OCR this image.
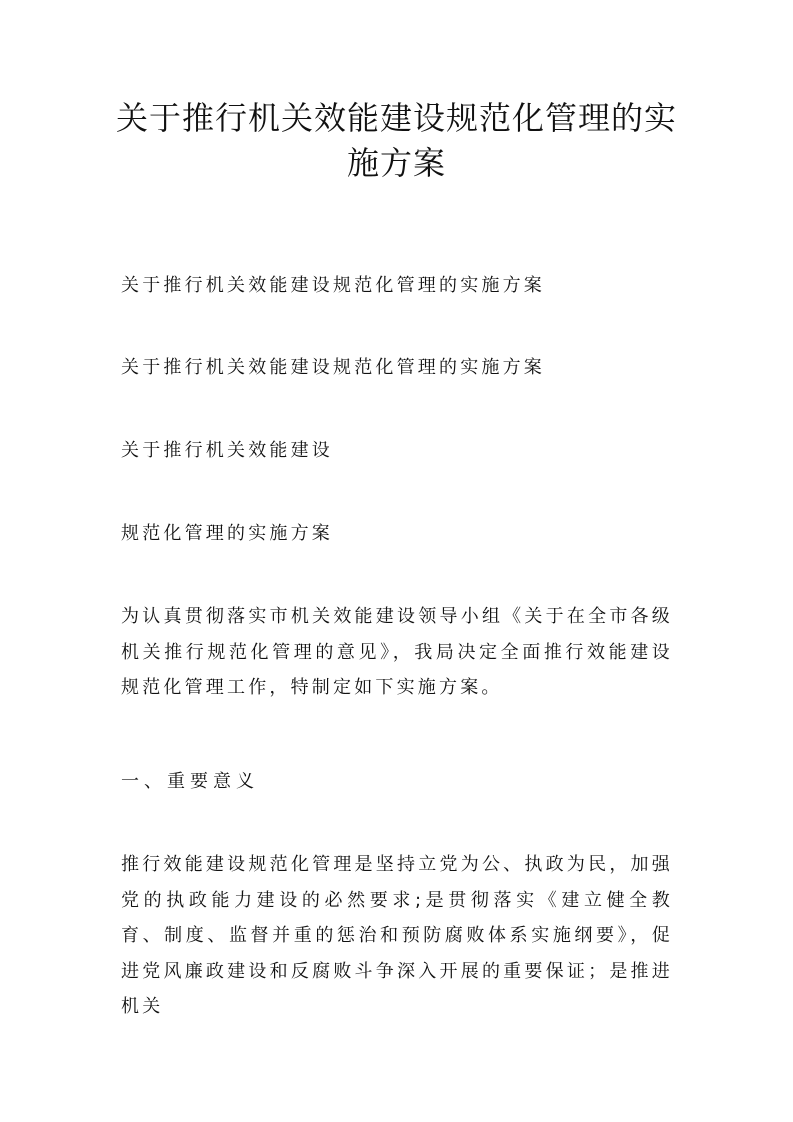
关于推行机关效能建设规范化管理的实施方案

关于推行机关效能建设规范化管理的实施方案

关于推行机关效能建设规范化管理的实施方案

关于推行机关效能建设

规范化管理的实施方案

为认真贯彻落实市机关效能建设领导小组《关于在全市各级机关推行规范化管理的意见》，我局决定全面推行效能建设规范化管理工作，特制定如下实施方案。

一、重要意义

推行效能建设规范化管理是坚持立党为公、执政为民，加强党的执政能力建设的必然要求;是贯彻落实《建立健全教育、制度、监督并重的惩治和预防腐败体系实施纲要》，促进党风廉政建设和反腐败斗争深入开展的重要保证；是推进机关
